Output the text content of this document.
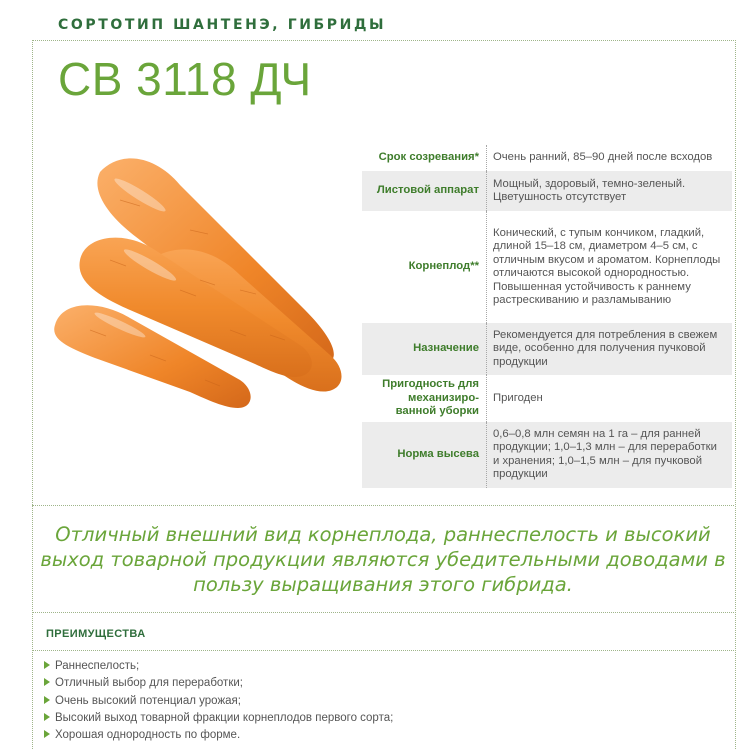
СОРТОТИП ШАНТЕНЭ, ГИБРИДЫ
СВ 3118 ДЧ
Срок созревания*	Очень ранний, 85–90 дней после всходов
Листовой аппарат	Мощный, здоровый, темно-зеленый. Цветушность отсутствует
Корнеплод**	Конический, с тупым кончиком, гладкий, длиной 15–18 см, диаметром 4–5 см, с отличным вкусом и ароматом. Корнеплоды отличаются высокой однородностью. Повышенная устойчивость к раннему растрескиванию и разламыванию
Назначение	Рекомендуется для потребления в свежем виде, особенно для получения пучковой продукции
Пригодность для механизиро-ванной уборки	Пригоден
Норма высева	0,6–0,8 млн семян на 1 га – для ранней продукции; 1,0–1,3 млн – для переработки и хранения; 1,0–1,5 млн – для пучковой продукции
Отличный внешний вид корнеплода, раннеспелость и высокий выход товарной продукции являются убедительными доводами в пользу выращивания этого гибрида.
ПРЕИМУЩЕСТВА
Раннеспелость;
Отличный выбор для переработки;
Очень высокий потенциал урожая;
Высокий выход товарной фракции корнеплодов первого сорта;
Хорошая однородность по форме.
